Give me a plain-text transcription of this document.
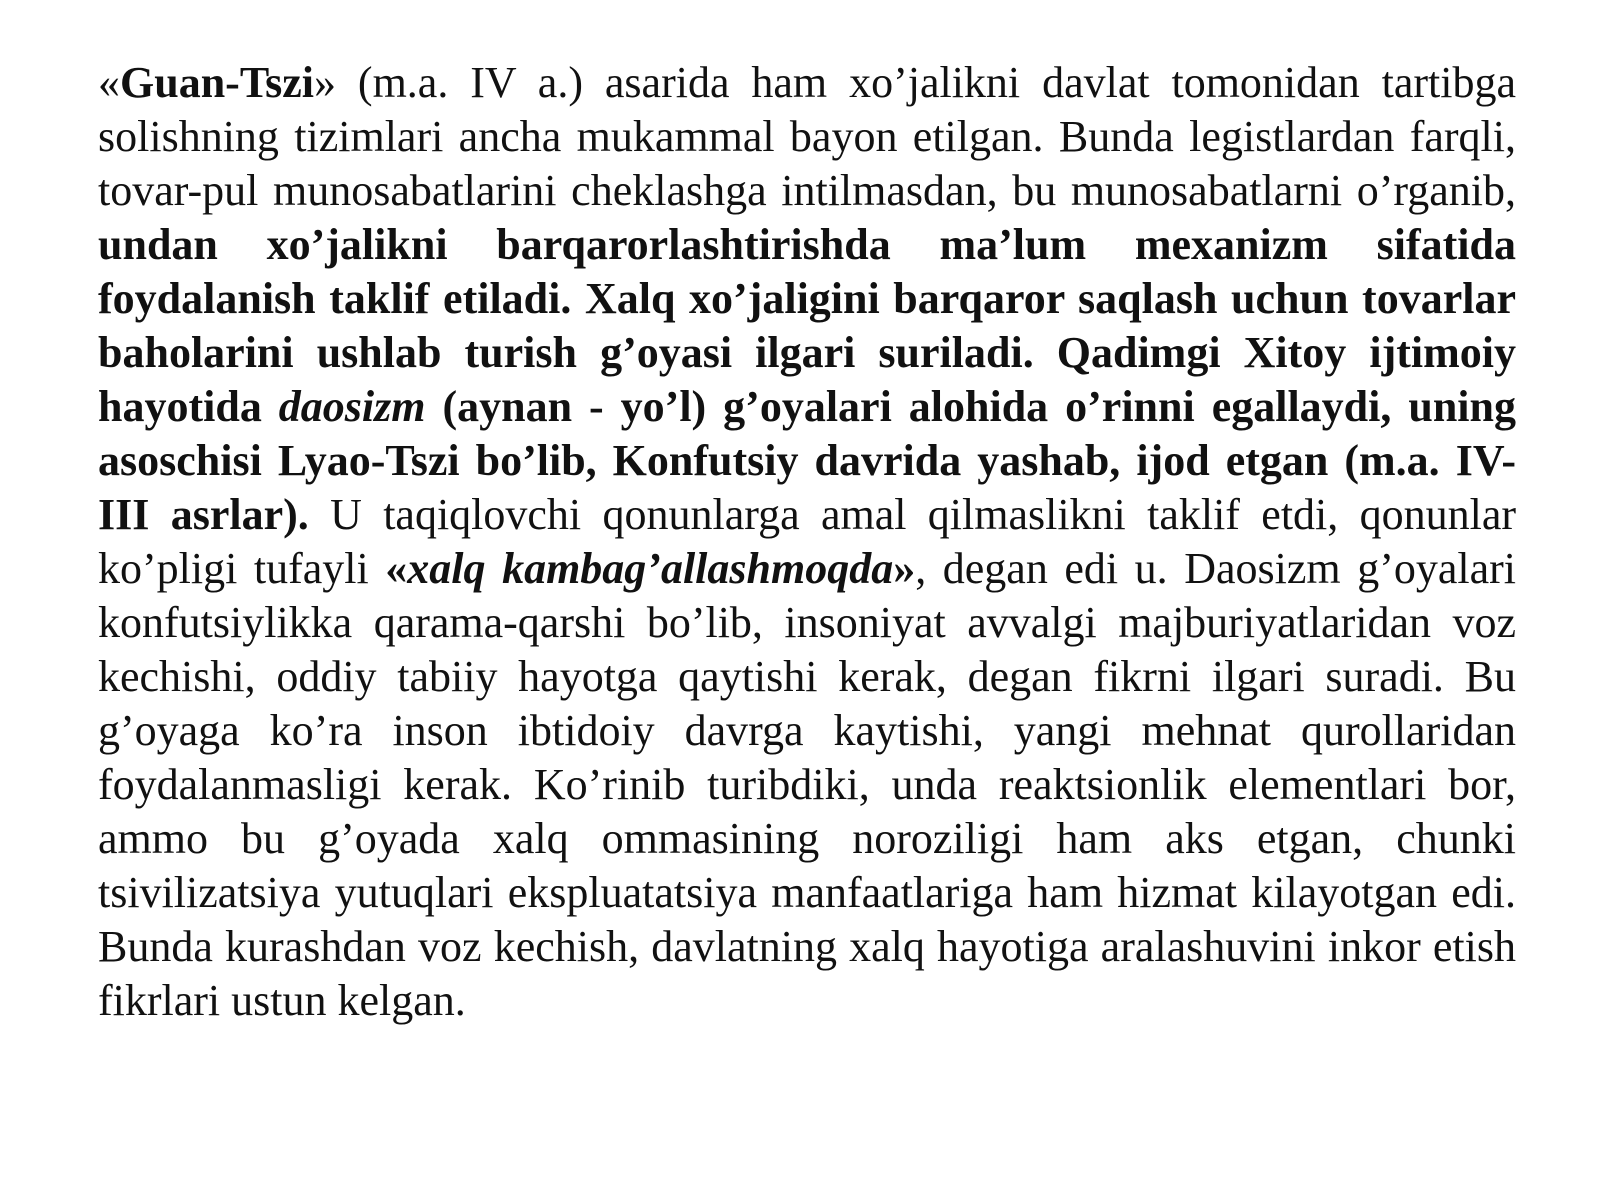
«Guan-Tszi» (m.a. IV a.) asarida ham xo’jalikni davlat tomonidan tartibga solishning tizimlari ancha mukammal bayon etilgan. Bunda legistlardan farqli, tovar-pul munosabatlarini cheklashga intilmasdan, bu munosabatlarni o’rganib, undan xo’jalikni barqarorlashtirishda ma’lum mexanizm sifatida foydalanish taklif etiladi. Xalq xo’jaligini barqaror saqlash uchun tovarlar baholarini ushlab turish g’oyasi ilgari suriladi. Qadimgi Xitoy ijtimoiy hayotida daosizm (aynan - yo’l) g’oyalari alohida o’rinni egallaydi, uning asoschisi Lyao-Tszi bo’lib, Konfutsiy davrida yashab, ijod etgan (m.a. IV-III asrlar). U taqiqlovchi qonunlarga amal qilmaslikni taklif etdi, qonunlar ko’pligi tufayli «xalq kambag’allashmoqda», degan edi u. Daosizm g’oyalari konfutsiylikka qarama-qarshi bo’lib, insoniyat avvalgi majburiyatlaridan voz kechishi, oddiy tabiiy hayotga qaytishi kerak, degan fikrni ilgari suradi. Bu g’oyaga ko’ra inson ibtidoiy davrga kaytishi, yangi mehnat qurollaridan foydalanmasligi kerak. Ko’rinib turibdiki, unda reaktsionlik elementlari bor, ammo bu g’oyada xalq ommasining noroziligi ham aks etgan, chunki tsivilizatsiya yutuqlari ekspluatatsiya manfaatlariga ham hizmat kilayotgan edi. Bunda kurashdan voz kechish, davlatning xalq hayotiga aralashuvini inkor etish fikrlari ustun kelgan.
